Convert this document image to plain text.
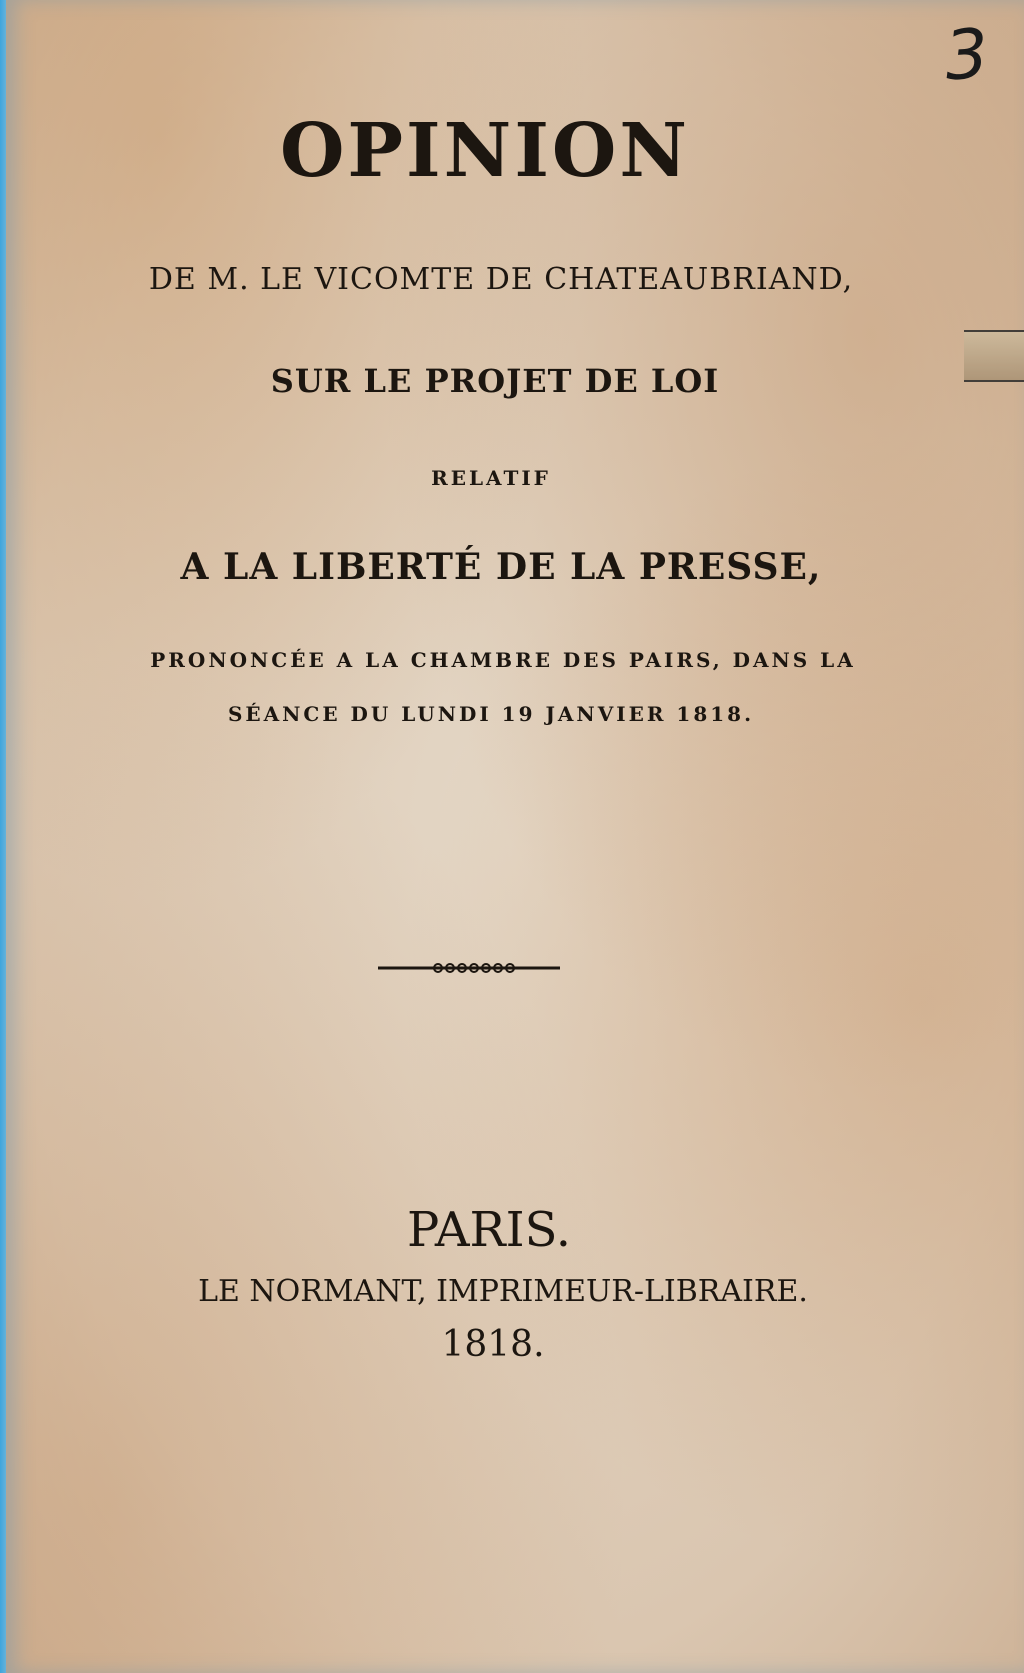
3
OPINION
DE M. LE VICOMTE DE CHATEAUBRIAND,
SUR LE PROJET DE LOI
RELATIF
A LA LIBERTÉ DE LA PRESSE,
PRONONCÉE A LA CHAMBRE DES PAIRS, DANS LA
SÉANCE DU LUNDI 19 JANVIER 1818.
PARIS.
LE NORMANT, IMPRIMEUR-LIBRAIRE.
1818.
